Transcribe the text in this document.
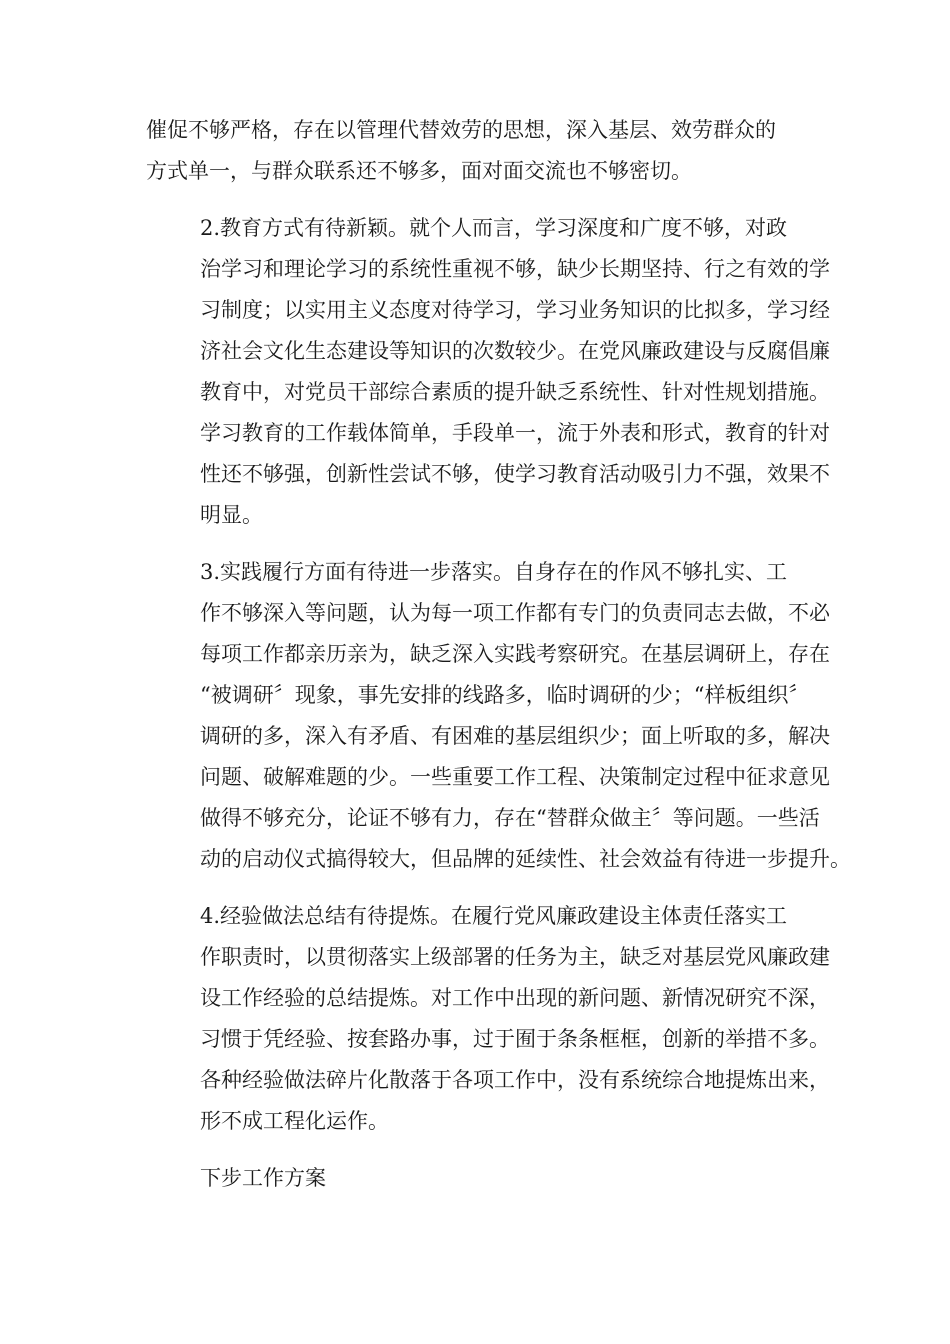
催促不够严格，存在以管理代替效劳的思想，深入基层、效劳群众的
方式单一，与群众联系还不够多，面对面交流也不够密切。

2.教育方式有待新颖。就个人而言，学习深度和广度不够，对政
治学习和理论学习的系统性重视不够，缺少长期坚持、行之有效的学
习制度；以实用主义态度对待学习，学习业务知识的比拟多，学习经
济社会文化生态建设等知识的次数较少。在党风廉政建设与反腐倡廉
教育中，对党员干部综合素质的提升缺乏系统性、针对性规划措施。
学习教育的工作载体简单，手段单一，流于外表和形式，教育的针对
性还不够强，创新性尝试不够，使学习教育活动吸引力不强，效果不
明显。

3.实践履行方面有待进一步落实。自身存在的作风不够扎实、工
作不够深入等问题，认为每一项工作都有专门的负责同志去做，不必
每项工作都亲历亲为，缺乏深入实践考察研究。在基层调研上，存在
“被调研〞现象，事先安排的线路多，临时调研的少；“样板组织〞
调研的多，深入有矛盾、有困难的基层组织少；面上听取的多，解决
问题、破解难题的少。一些重要工作工程、决策制定过程中征求意见
做得不够充分，论证不够有力，存在“替群众做主〞等问题。一些活
动的启动仪式搞得较大，但品牌的延续性、社会效益有待进一步提升。

4.经验做法总结有待提炼。在履行党风廉政建设主体责任落实工
作职责时，以贯彻落实上级部署的任务为主，缺乏对基层党风廉政建
设工作经验的总结提炼。对工作中出现的新问题、新情况研究不深，
习惯于凭经验、按套路办事，过于囿于条条框框，创新的举措不多。
各种经验做法碎片化散落于各项工作中，没有系统综合地提炼出来，
形不成工程化运作。

下步工作方案
